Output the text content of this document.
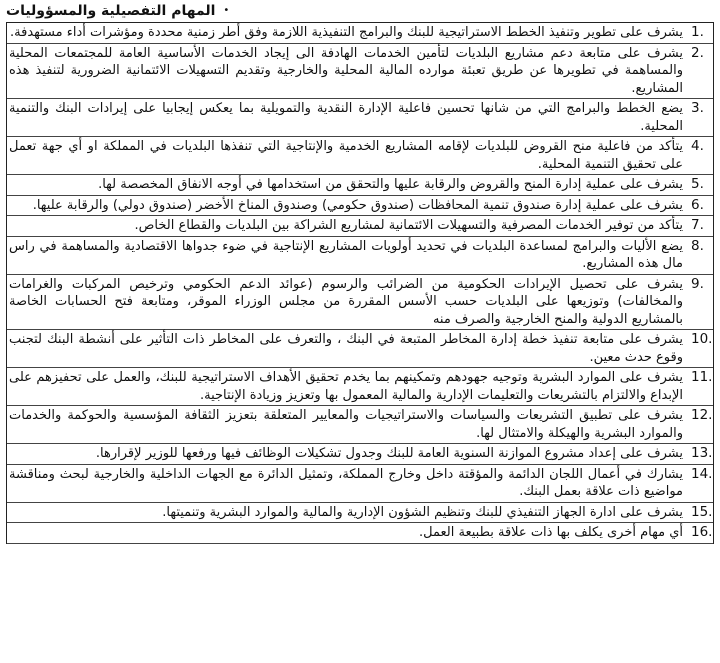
•
المهام التفصيلية والمسؤوليات
1.
يشرف على تطوير وتنفيذ الخطط الاستراتيجية للبنك والبرامج التنفيذية اللازمة وفق أطر زمنية محددة ومؤشرات أداء مستهدفة.
2.
يشرف على متابعة دعم مشاريع البلديات لتأمين الخدمات الهادفة الى إيجاد الخدمات الأساسية العامة للمجتمعات المحلية والمساهمة في تطويرها عن طريق تعبئة موارده المالية المحلية والخارجية وتقديم التسهيلات الائتمانية الضرورية لتنفيذ هذه المشاريع.
3.
يضع الخطط والبرامج التي من شانها تحسين فاعلية الإدارة النقدية والتمويلية بما يعكس إيجابيا على إيرادات البنك والتنمية المحلية.
4.
يتأكد من فاعلية منح القروض للبلديات لإقامه المشاريع الخدمية والإنتاجية التي تنفذها البلديات في المملكة او أي جهة تعمل على تحقيق التنمية المحلية.
5.
يشرف على عملية إدارة المنح والقروض والرقابة عليها والتحقق من استخدامها في أوجه الانفاق المخصصة لها.
6.
يشرف على عملية إدارة صندوق تنمية المحافظات (صندوق حكومي) وصندوق المناخ الأخضر (صندوق دولي) والرقابة عليها.
7.
يتأكد من توفير الخدمات المصرفية والتسهيلات الائتمانية لمشاريع الشراكة بين البلديات والقطاع الخاص.
8.
يضع الأليات والبرامج لمساعدة البلديات في تحديد أولويات المشاريع الإنتاجية في ضوء جدواها الاقتصادية والمساهمة في راس مال هذه المشاريع.
9.
يشرف على تحصيل الإيرادات الحكومية من الضرائب والرسوم (عوائد الدعم الحكومي وترخيص المركبات والغرامات والمخالفات) وتوزيعها على البلديات حسب الأسس المقررة من مجلس الوزراء الموقر، ومتابعة فتح الحسابات الخاصة بالمشاريع الدولية والمنح الخارجية والصرف منه
10.
يشرف على متابعة تنفيذ خطة إدارة المخاطر المتبعة في البنك ، والتعرف على المخاطر ذات التأثير على أنشطة البنك لتجنب وقوع حدث معين.
11.
يشرف على الموارد البشرية وتوجيه جهودهم وتمكينهم بما يخدم تحقيق الأهداف الاستراتيجية للبنك، والعمل على تحفيزهم على الإبداع والالتزام بالتشريعات والتعليمات الإدارية والمالية المعمول بها وتعزيز وزيادة الإنتاجية.
12.
يشرف على تطبيق التشريعات والسياسات والاستراتيجيات والمعايير المتعلقة بتعزيز الثقافة المؤسسية والحوكمة والخدمات والموارد البشرية والهيكلة والامتثال لها.
13.
يشرف على إعداد مشروع الموازنة السنوية العامة للبنك وجدول تشكيلات الوظائف فيها ورفعها للوزير لإقرارها.
14.
يشارك في أعمال اللجان الدائمة والمؤقتة داخل وخارج المملكة، وتمثيل الدائرة مع الجهات الداخلية والخارجية لبحث ومناقشة مواضيع ذات علاقة بعمل البنك.
15.
يشرف على ادارة الجهاز التنفيذي للبنك وتنظيم الشؤون الإدارية والمالية والموارد البشرية وتنميتها.
16.
أي مهام أخرى يكلف بها ذات علاقة بطبيعة العمل.
